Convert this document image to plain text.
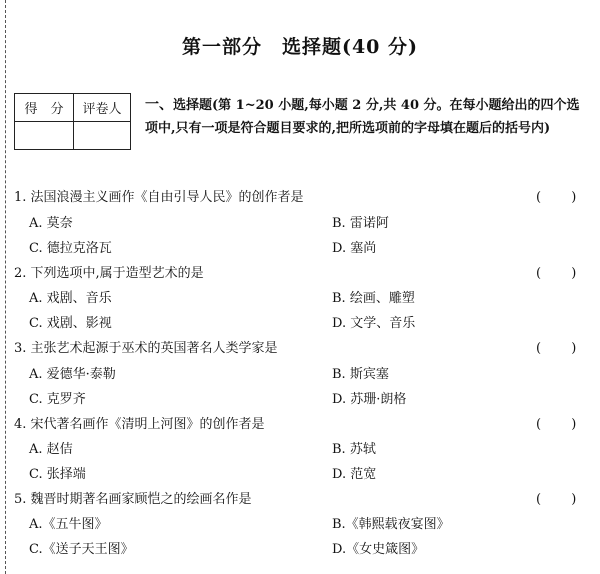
第一部分　选择题(40 分)
得　分	评卷人
	一、选择题(第 1~20 小题,每小题 2 分,共 40 分。在每小题给出的四个选项中,只有一项是符合题目要求的,把所选项前的字母填在题后的括号内)
1. 法国浪漫主义画作《自由引导人民》的创作者是	( )
A. 莫奈	B. 雷诺阿
C. 德拉克洛瓦	D. 塞尚
2. 下列选项中,属于造型艺术的是	( )
A. 戏剧、音乐	B. 绘画、雕塑
C. 戏剧、影视	D. 文学、音乐
3. 主张艺术起源于巫术的英国著名人类学家是	( )
A. 爱德华·泰勒	B. 斯宾塞
C. 克罗齐	D. 苏珊·朗格
4. 宋代著名画作《清明上河图》的创作者是	( )
A. 赵佶	B. 苏轼
C. 张择端	D. 范宽
5. 魏晋时期著名画家顾恺之的绘画名作是	( )
A.《五牛图》	B.《韩熙载夜宴图》
C.《送子天王图》	D.《女史箴图》
